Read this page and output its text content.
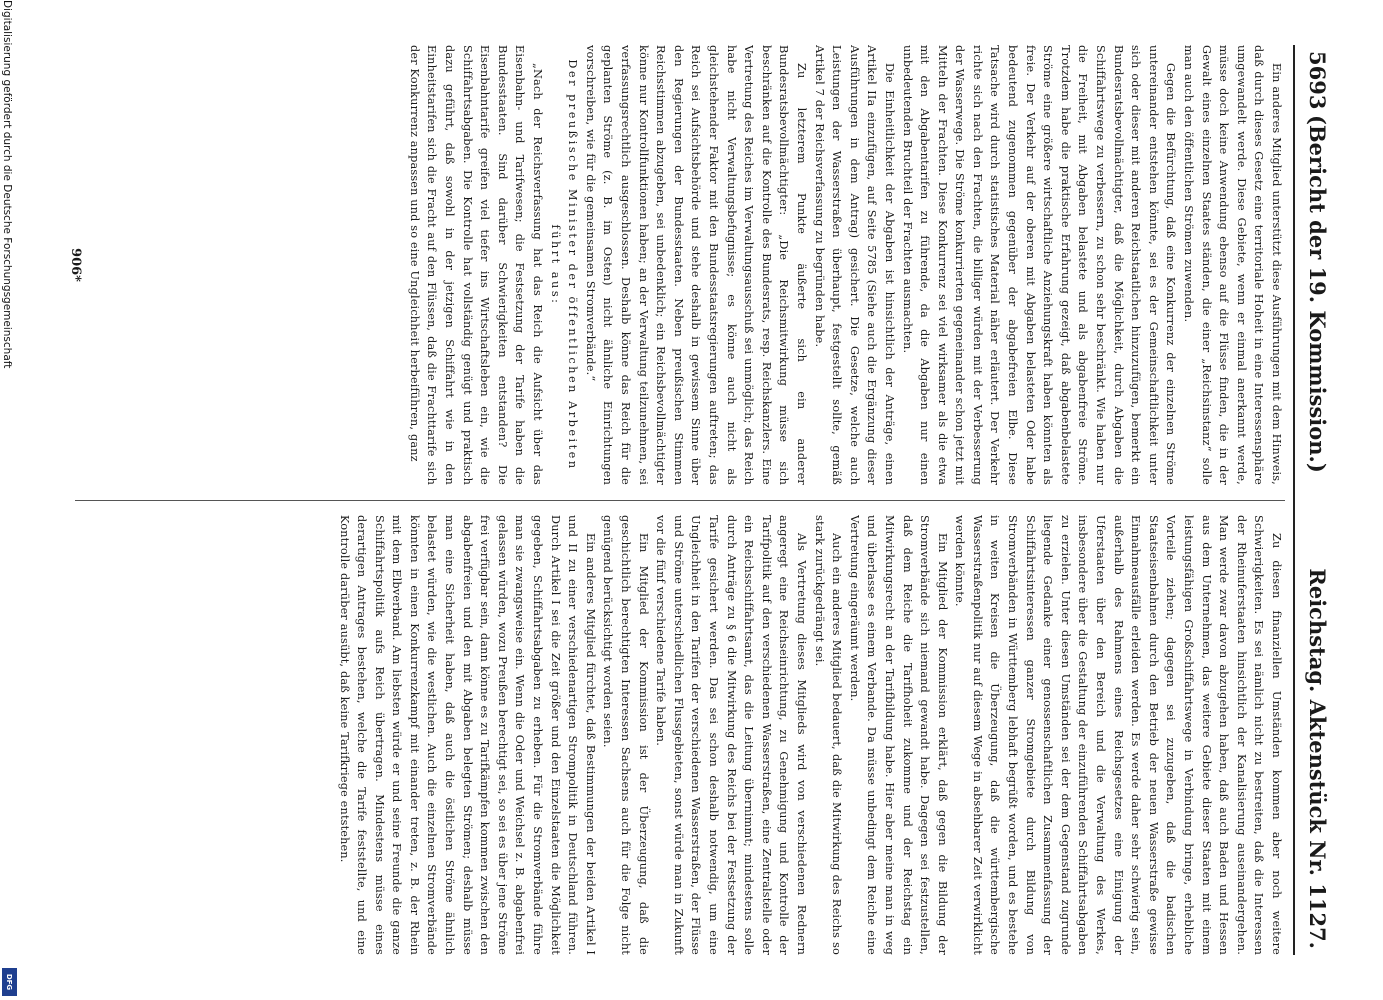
5693
(Bericht der 19. Kommission.)
Reichstag. Aktenstück Nr. 1127.

Ein anderes Mitglied unterstützt diese Ausführungen mit dem Hinweis, daß durch dieses Gesetz eine territoriale Hoheit in eine Interessensphäre umgewandelt werde. Diese Gebiete, wenn er einmal anerkannt werde, müsse doch keine Anwendung ebenso auf die Flüsse finden, die in der Gewalt eines einzelnen Staates ständen, die einer „Reichsinstanz“ solle man auch den öffentlichen Strömen zuwenden.

Gegen die Befürchtung, daß eine Konkurrenz der einzelnen Ströme untereinander entstehen könnte, sei es der Gemeinschaftlichkeit unter sich oder dieser mit anderen Reichstaatlichen hinzuzufügen, bemerkt ein Bundesratsbevollmächtigter, daß die Möglichkeit, durch Abgaben die Schiffahrtswege zu verbessern, zu schon sehr beschränkt. Wie haben nur die Freiheit, mit Abgaben belastete und als abgabenfreie Ströme. Trotzdem habe die praktische Erfahrung gezeigt, daß abgabenbelastete Ströme eine größere wirtschaftliche Anziehungskraft haben könnten als freie. Der Verkehr auf der oberen mit Abgaben belasteten Oder habe bedeutend zugenommen gegenüber der abgabefreien Elbe. Diese Tatsache wird durch statistisches Material näher erläutert. Der Verkehr richte sich nach den Frachten, die billiger würden mit der Verbesserung der Wasserwege. Die Ströme konkurrierten gegeneinander schon jetzt mit Mitteln der Frachten. Diese Konkurrenz sei viel wirksamer als die etwa mit den Abgabentarifen zu führende, da die Abgaben nur einen unbedeutenden Bruchteil der Frachten ausmachten.

Die Einheitlichkeit der Abgaben ist hinsichtlich der Anträge, einen Artikel IIa einzufügen, auf Seite 5785 (Siehe auch die Ergänzung dieser Ausführungen in dem Antrag) gesichert. Die Gesetze, welche auch Leistungen der Wasserstraßen überhaupt, festgestellt sollte, gemäß Artikel 7 der Reichsverfassung zu begründen habe.

Zu letzterem Punkte äußerte sich ein anderer Bundesratsbevollmächtigter: „Die Reichsmitwirkung müsse sich beschränken auf die Kontrolle des Bundesrats, resp. Reichskanzlers. Eine Vertretung des Reiches im Verwaltungsausschuß sei unmöglich; das Reich habe nicht Verwaltungsbefugnisse; es könne auch nicht als gleichstehender Faktor mit den Bundesstaatsregierungen auftreten; das Reich sei Aufsichtsbehörde und stehe deshalb in gewissem Sinne über den Regierungen der Bundesstaaten. Neben preußischen Stimmen Reichsstimmen abzugeben, sei unbedenklich; ein Reichsbevollmächtigter könne nur Kontrollfunktionen haben; an der Verwaltung teilzunehmen, sei verfassungsrechtlich ausgeschlossen. Deshalb könne das Reich für die geplanten Ströme (z. B. im Osten) nicht ähnliche Einrichtungen vorschreiben, wie für die gemeinsamen Stromverbände.“

Der preußische Minister der öffentlichen Arbeiten führt aus:

„Nach der Reichsverfassung hat das Reich die Aufsicht über das Eisenbahn- und Tarifwesen; die Festsetzung der Tarife haben die Bundesstaaten. Sind darüber Schwierigkeiten entstanden? Die Eisenbahntarife greifen viel tiefer ins Wirtschaftsleben ein, wie die Schiffahrtsabgaben. Die Kontrolle hat vollständig genügt und praktisch dazu geführt, daß sowohl in der jetzigen Schiffahrt wie in den Einheitstarifen sich die Fracht auf den Flüssen, daß die Frachttarife sich der Konkurrenz anpassen und so eine Ungleichheit herbeiführen, ganz

Zu diesen finanziellen Umständen kommen aber noch weitere Schwierigkeiten. Es sei nämlich nicht zu bestreiten, daß die Interessen der Rheinuferstaaten hinsichtlich der Kanalisierung auseinandergehen. Man werde zwar davon abzugehen haben, daß auch Baden und Hessen aus dem Unternehmen, das weitere Gebiete dieser Staaten mit einem leistungsfähigen Großschiffahrtswege in Verbindung bringe, erhebliche Vorteile ziehen; dagegen sei zuzugeben, daß die badischen Staatseisenbahnen durch den Betrieb der neuen Wasserstraße gewisse Einnahmeausfälle erleiden werden. Es werde daher sehr schwierig sein, außerhalb des Rahmens eines Reichsgesetzes eine Einigung der Uferstaaten über den Bereich und die Verwaltung des Werkes, insbesondere über die Gestaltung der einzuführenden Schiffahrtsabgaben zu erzielen. Unter diesen Umständen sei der dem Gegenstand zugrunde liegende Gedanke einer genossenschaftlichen Zusammenfassung der Schiffahrtsinteressen ganzer Stromgebiete durch Bildung von Stromverbänden in Württemberg lebhaft begrüßt worden, und es bestehe in weiten Kreisen die Überzeugung, daß die württembergische Wasserstraßenpolitik nur auf diesem Wege in absehbarer Zeit verwirklicht werden könnte.

Ein Mitglied der Kommission erklärt, daß gegen die Bildung der Stromverbände sich niemand gewandt habe. Dagegen sei festzustellen, daß dem Reiche die Tarifhoheit zukomme und der Reichstag ein Mitwirkungsrecht an der Tarifbildung habe. Hier aber meine man in weg und überlasse es einem Verbande. Da müsse unbedingt dem Reiche eine Vertretung eingeräumt werden.

Auch ein anderes Mitglied bedauert, daß die Mitwirkung des Reichs so stark zurückgedrängt sei.

Als Vertretung dieses Mitglieds wird von verschiedenen Rednern angeregt eine Reichseinrichtung, zu Genehmigung und Kontrolle der Tarifpolitik auf den verschiedenen Wasserstraßen, eine Zentralstelle oder ein Reichsschiffahrtsamt, das die Leitung übernimmt; mindestens solle durch Anträge zu § 6 die Mitwirkung des Reichs bei der Festsetzung der Tarife gesichert werden. Das sei schon deshalb notwendig, um eine Ungleichheit in den Tarifen der verschiedenen Wasserstraßen, der Flüsse und Ströme unterschiedlichen Flussgebieten, sonst würde man in Zukunft vor die fünf verschiedene Tarife haben.

Ein Mitglied der Kommission ist der Überzeugung, daß die geschichtlich berechtigten Interessen Sachsens auch für die Folge nicht genügend berücksichtigt worden seien.

Ein anderes Mitglied fürchtet, daß Bestimmungen der beiden Artikel I und II zu einer verschiedenartigen Strompolitik in Deutschland führen. Durch Artikel I sei die Zeit größer und den Einzelstaaten die Möglichkeit gegeben, Schiffahrtsabgaben zu erheben. Für die Stromverbände führe man sie zwangsweise ein. Wenn die Oder und Weichsel z. B. abgabenfrei gelassen würden, wozu Preußen berechtigt sei, so sei es über jene Ströme frei verfügbar sein, dann könne es zu Tarifkämpfen kommen zwischen den abgabenfreien und den mit Abgaben belegten Strömen; deshalb müsse man eine Sicherheit haben, daß auch die östlichen Ströme ähnlich belastet würden, wie die westlichen. Auch die einzelnen Stromverbände könnten in einen Konkurrenzkampf mit einander treten, z. B. der Rhein mit dem Elbverband. Am liebsten würde er und seine Freunde die ganze Schiffahrtspolitik aufs Reich übertragen. Mindestens müsse eines derartigen Antrages bestehen, welche die Tarife feststellte, und eine Kontrolle darüber ausübt, daß keine Tarifkriege entstehen.

906*
Digitalisierung gefördert durch die Deutsche Forschungsgemeinschaft
DFG
